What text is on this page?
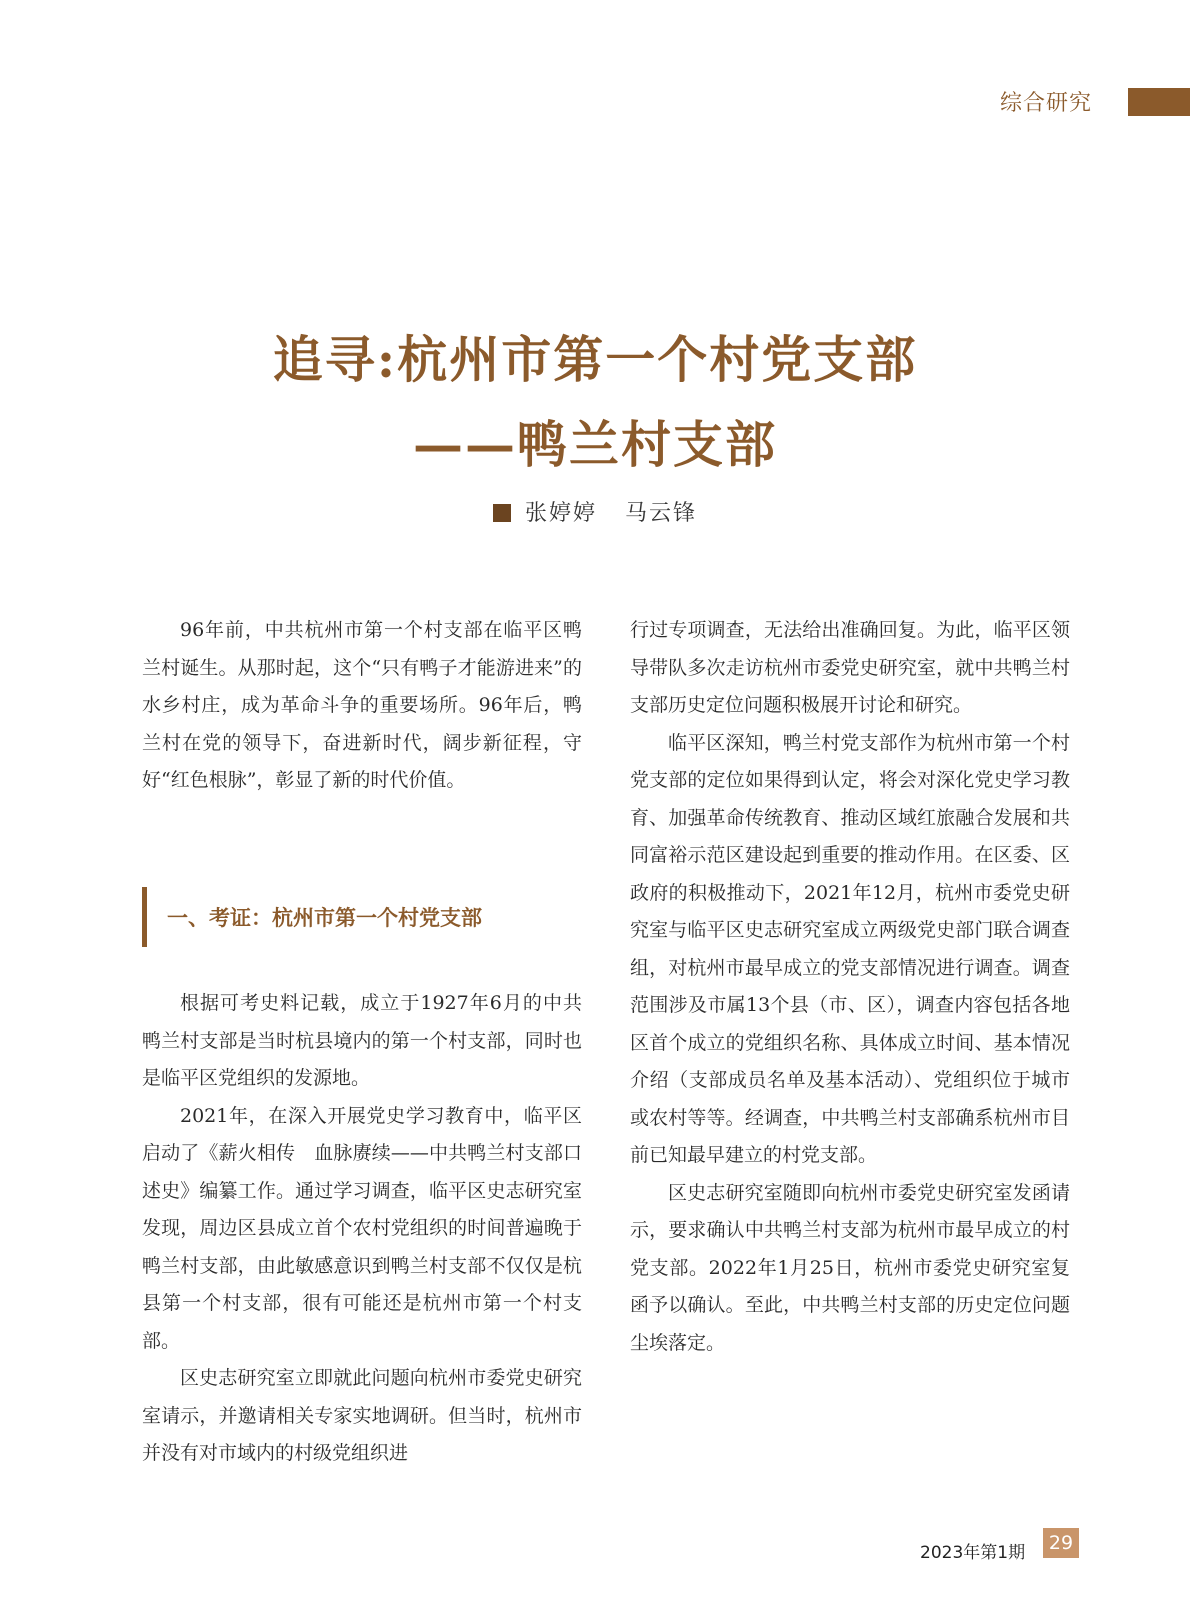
综合研究
追寻:杭州市第一个村党支部
——鸭兰村支部
张婷婷 马云锋

96年前，中共杭州市第一个村支部在临平区鸭兰村诞生。从那时起，这个“只有鸭子才能游进来”的水乡村庄，成为革命斗争的重要场所。96年后，鸭兰村在党的领导下，奋进新时代，阔步新征程，守好“红色根脉”，彰显了新的时代价值。

一、考证：杭州市第一个村党支部

根据可考史料记载，成立于1927年6月的中共鸭兰村支部是当时杭县境内的第一个村支部，同时也是临平区党组织的发源地。

2021年，在深入开展党史学习教育中，临平区启动了《薪火相传　血脉赓续——中共鸭兰村支部口述史》编纂工作。通过学习调查，临平区史志研究室发现，周边区县成立首个农村党组织的时间普遍晚于鸭兰村支部，由此敏感意识到鸭兰村支部不仅仅是杭县第一个村支部，很有可能还是杭州市第一个村支部。

区史志研究室立即就此问题向杭州市委党史研究室请示，并邀请相关专家实地调研。但当时，杭州市并没有对市域内的村级党组织进

行过专项调查，无法给出准确回复。为此，临平区领导带队多次走访杭州市委党史研究室，就中共鸭兰村支部历史定位问题积极展开讨论和研究。

临平区深知，鸭兰村党支部作为杭州市第一个村党支部的定位如果得到认定，将会对深化党史学习教育、加强革命传统教育、推动区域红旅融合发展和共同富裕示范区建设起到重要的推动作用。在区委、区政府的积极推动下，2021年12月，杭州市委党史研究室与临平区史志研究室成立两级党史部门联合调查组，对杭州市最早成立的党支部情况进行调查。调查范围涉及市属13个县（市、区），调查内容包括各地区首个成立的党组织名称、具体成立时间、基本情况介绍（支部成员名单及基本活动）、党组织位于城市或农村等等。经调查，中共鸭兰村支部确系杭州市目前已知最早建立的村党支部。

区史志研究室随即向杭州市委党史研究室发函请示，要求确认中共鸭兰村支部为杭州市最早成立的村党支部。2022年1月25日，杭州市委党史研究室复函予以确认。至此，中共鸭兰村支部的历史定位问题尘埃落定。

2023年第1期	29
